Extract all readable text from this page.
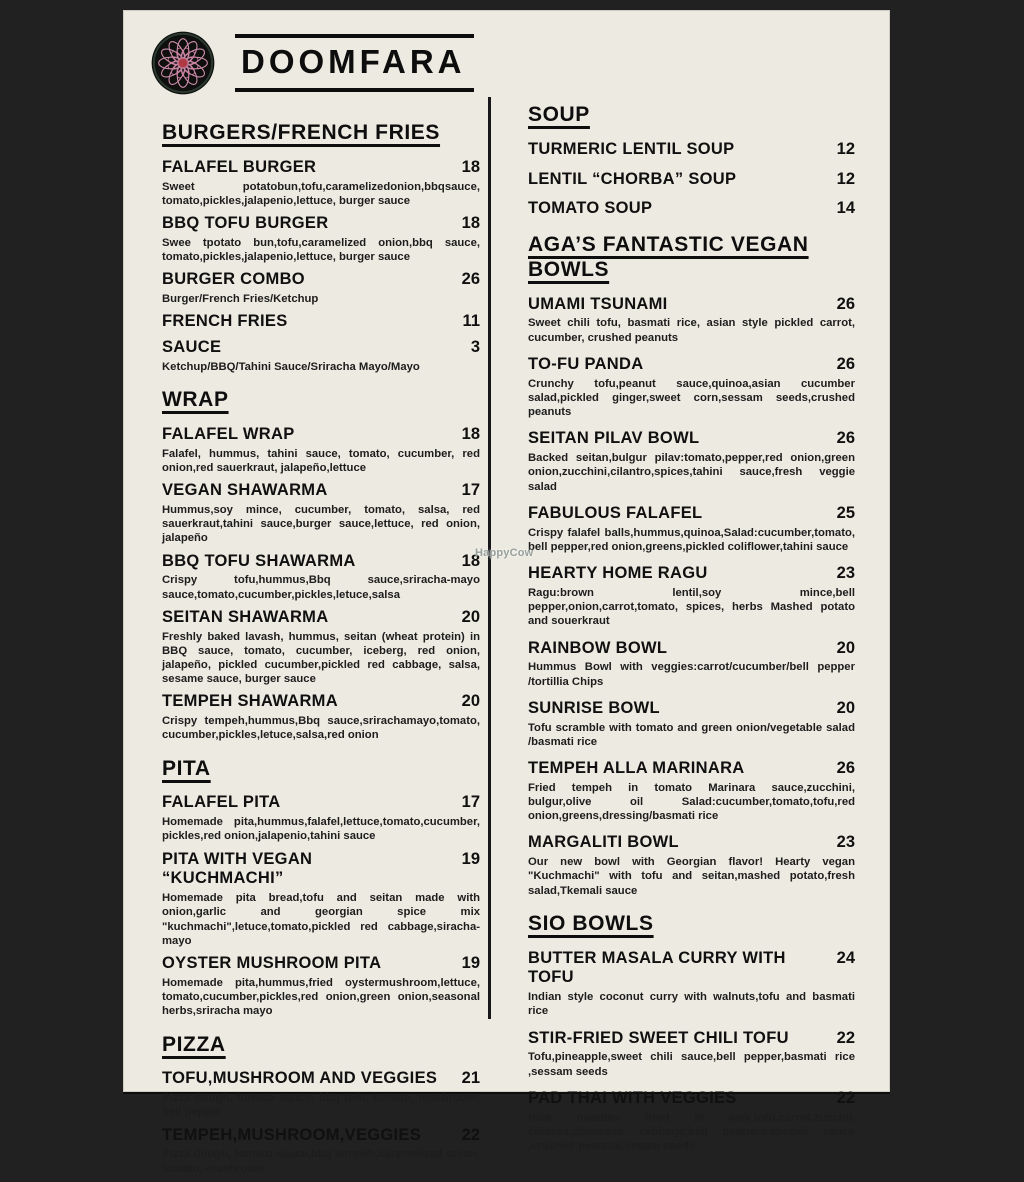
DOOMFARA
BURGERS/FRENCH FRIES
FALAFEL BURGER	18

Sweet potatobun,tofu,caramelizedonion,bbqsauce, tomato,pickles,jalapenio,lettuce, burger sauce

BBQ TOFU BURGER	18

Swee tpotato bun,tofu,caramelized onion,bbq sauce, tomato,pickles,jalapenio,lettuce, burger sauce

BURGER COMBO	26

Burger/French Fries/Ketchup

FRENCH FRIES	11
SAUCE	3

Ketchup/BBQ/Tahini Sauce/Sriracha Mayo/Mayo

WRAP
FALAFEL WRAP	18

Falafel, hummus, tahini sauce, tomato, cucumber, red onion,red sauerkraut, jalapeño,lettuce

VEGAN SHAWARMA	17

Hummus,soy mince, cucumber, tomato, salsa, red sauerkraut,tahini sauce,burger sauce,lettuce, red onion, jalapeño

BBQ TOFU SHAWARMA	18

Crispy tofu,hummus,Bbq sauce,sriracha-mayo sauce,tomato,cucumber,pickles,letuce,salsa

SEITAN SHAWARMA	20

Freshly baked lavash, hummus, seitan (wheat protein) in BBQ sauce, tomato, cucumber, iceberg, red onion, jalapeño, pickled cucumber,pickled red cabbage, salsa, sesame sauce, burger sauce

TEMPEH SHAWARMA	20

Crispy tempeh,hummus,Bbq sauce,srirachamayo,tomato, cucumber,pickles,letuce,salsa,red onion

PITA
FALAFEL PITA	17

Homemade pita,hummus,falafel,lettuce,tomato,cucumber, pickles,red onion,jalapenio,tahini sauce

PITA WITH VEGAN “KUCHMACHI”
19

Homemade pita bread,tofu and seitan made with onion,garlic and georgian spice mix "kuchmachi",letuce,tomato,pickled red cabbage,siracha-mayo

OYSTER MUSHROOM PITA	19

Homemade pita,hummus,fried oystermushroom,lettuce, tomato,cucumber,pickles,red onion,green onion,seasonal herbs,sriracha mayo

PIZZA
TOFU,MUSHROOM AND VEGGIES	21

Pizza dough, tomato sauce, bbq tofu, tomato, mushroom, bell pepper

TEMPEH,MUSHROOM,VEGGIES	22

Pizza dough, tomato sauce,bbq tempeh,caramelized onion, tomato, mushroom

SOUP
TURMERIC LENTIL SOUP	12
LENTIL “CHORBA” SOUP	12
TOMATO SOUP	14
AGA’S FANTASTIC VEGAN BOWLS
UMAMI TSUNAMI	26

Sweet chili tofu, basmati rice, asian style pickled carrot, cucumber, crushed peanuts

TO-FU PANDA	26

Crunchy tofu,peanut sauce,quinoa,asian cucumber salad,pickled ginger,sweet corn,sessam seeds,crushed peanuts

SEITAN PILAV BOWL	26

Backed seitan,bulgur pilav:tomato,pepper,red onion,green onion,zucchini,cilantro,spices,tahini sauce,fresh veggie salad

FABULOUS FALAFEL	25

Crispy falafel balls,hummus,quinoa,Salad:cucumber,tomato, bell pepper,red onion,greens,pickled coliflower,tahini sauce

HEARTY HOME RAGU	23

Ragu:brown lentil,soy mince,bell pepper,onion,carrot,tomato, spices, herbs Mashed potato and souerkraut

RAINBOW BOWL	20

Hummus Bowl with veggies:carrot/cucumber/bell pepper /tortillia Chips

SUNRISE BOWL	20

Tofu scramble with tomato and green onion/vegetable salad /basmati rice

TEMPEH ALLA MARINARA	26

Fried tempeh in tomato Marinara sauce,zucchini, bulgur,olive oil Salad:cucumber,tomato,tofu,red onion,greens,dressing/basmati rice

MARGALITI BOWL	23

Our new bowl with Georgian flavor! Hearty vegan "Kuchmachi" with tofu and seitan,mashed potato,fresh salad,Tkemali sauce

SIO BOWLS
BUTTER MASALA CURRY WITH TOFU
24

Indian style coconut curry with walnuts,tofu and basmati rice

STIR-FRIED SWEET CHILI TOFU	22

Tofu,pineapple,sweet chili sauce,bell pepper,basmati rice ,sessam seeds

PAD THAI WITH VEGGIES	22

Rice noodles fried in wok,tofu,carrot,zuccini, chieves,cheneese cabbage,bell peppers,special sauce ,crushed peanuts,sesam seeds

HappyCow
